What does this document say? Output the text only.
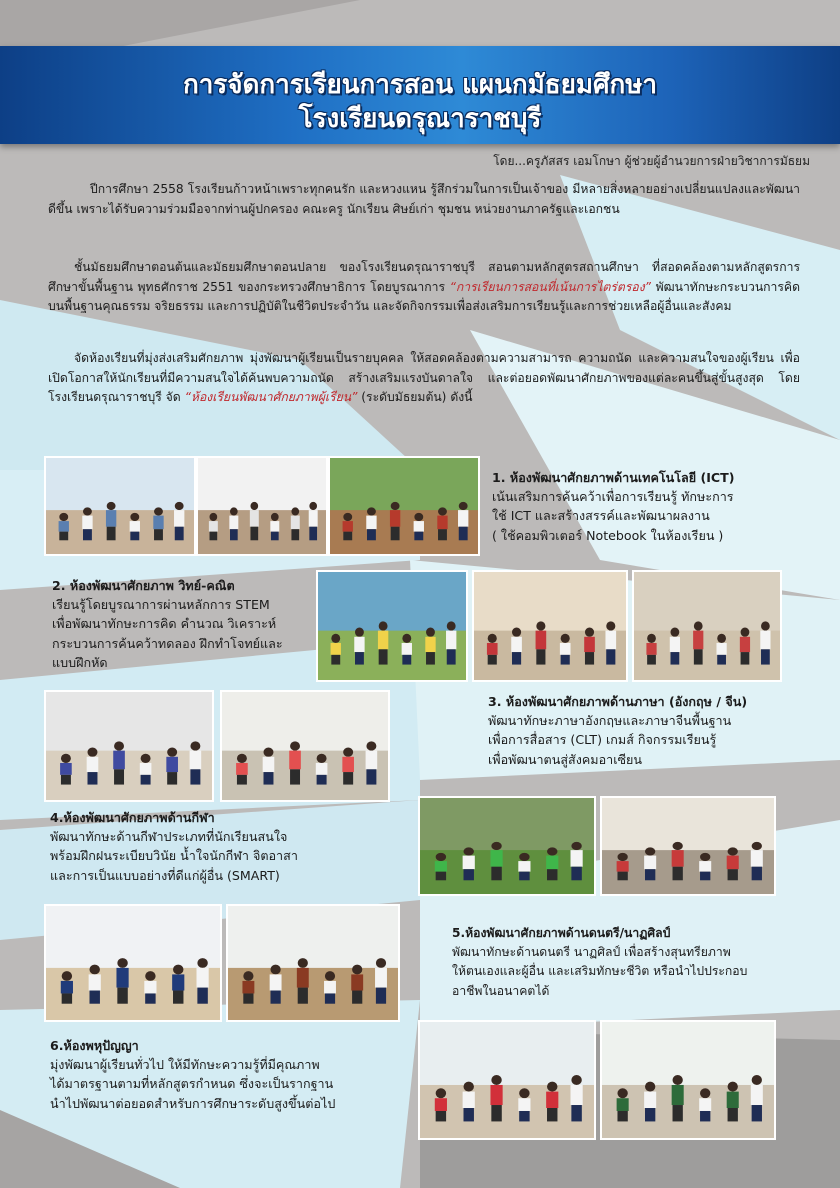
การจัดการเรียนการสอน แผนกมัธยมศึกษา
โรงเรียนดรุณาราชบุรี
โดย...ครูภัสสร เอมโกษา ผู้ช่วยผู้อำนวยการฝ่ายวิชาการมัธยม

ปีการศึกษา 2558 โรงเรียนก้าวหน้าเพราะทุกคนรัก และหวงแหน รู้สึกร่วมในการเป็นเจ้าของ มีหลายสิ่งหลายอย่างเปลี่ยนแปลงและพัฒนาดีขึ้น เพราะได้รับความร่วมมือจากท่านผู้ปกครอง คณะครู นักเรียน ศิษย์เก่า ชุมชน หน่วยงานภาครัฐและเอกชน

ชั้นมัธยมศึกษาตอนต้นและมัธยมศึกษาตอนปลาย ของโรงเรียนดรุณาราชบุรี สอนตามหลักสูตรสถานศึกษา ที่สอดคล้องตามหลักสูตรการศึกษาขั้นพื้นฐาน พุทธศักราช 2551 ของกระทรวงศึกษาธิการ โดยบูรณาการ “การเรียนการสอนที่เน้นการไตร่ตรอง” พัฒนาทักษะกระบวนการคิด บนพื้นฐานคุณธรรม จริยธรรม และการปฏิบัติในชีวิตประจำวัน และจัดกิจกรรมเพื่อส่งเสริมการเรียนรู้และการช่วยเหลือผู้อื่นและสังคม

จัดห้องเรียนที่มุ่งส่งเสริมศักยภาพ มุ่งพัฒนาผู้เรียนเป็นรายบุคคล ให้สอดคล้องตามความสามารถ ความถนัด และความสนใจของผู้เรียน เพื่อเปิดโอกาสให้นักเรียนที่มีความสนใจได้ค้นพบความถนัด สร้างเสริมแรงบันดาลใจ และต่อยอดพัฒนาศักยภาพของแต่ละคนขึ้นสู่ขั้นสูงสุด โดยโรงเรียนดรุณาราชบุรี จัด “ห้องเรียนพัฒนาศักยภาพผู้เรียน” (ระดับมัธยมต้น) ดังนี้

1. ห้องพัฒนาศักยภาพด้านเทคโนโลยี (ICT)
เน้นเสริมการค้นคว้าเพื่อการเรียนรู้ ทักษะการ
ใช้ ICT และสร้างสรรค์และพัฒนาผลงาน
( ใช้คอมพิวเตอร์ Notebook ในห้องเรียน )
2. ห้องพัฒนาศักยภาพ วิทย์-คณิต
เรียนรู้โดยบูรณาการผ่านหลักการ STEM
เพื่อพัฒนาทักษะการคิด คำนวณ วิเคราะห์
กระบวนการค้นคว้าทดลอง ฝึกทำโจทย์และ
แบบฝึกหัด
3. ห้องพัฒนาศักยภาพด้านภาษา (อังกฤษ / จีน)
พัฒนาทักษะภาษาอังกฤษและภาษาจีนพื้นฐาน
เพื่อการสื่อสาร (CLT) เกมส์ กิจกรรมเรียนรู้
เพื่อพัฒนาตนสู่สังคมอาเซียน
4.ห้องพัฒนาศักยภาพด้านกีฬา
พัฒนาทักษะด้านกีฬาประเภทที่นักเรียนสนใจ
พร้อมฝึกฝนระเบียบวินัย น้ำใจนักกีฬา จิตอาสา
และการเป็นแบบอย่างที่ดีแก่ผู้อื่น (SMART)
5.ห้องพัฒนาศักยภาพด้านดนตรี/นาฏศิลป์
พัฒนาทักษะด้านดนตรี นาฏศิลป์ เพื่อสร้างสุนทรียภาพ
ให้ตนเองและผู้อื่น และเสริมทักษะชีวิต หรือนำไปประกอบ
อาชีพในอนาคตได้
6.ห้องพหุปัญญา
มุ่งพัฒนาผู้เรียนทั่วไป ให้มีทักษะความรู้ที่มีคุณภาพ
ได้มาตรฐานตามที่หลักสูตรกำหนด ซึ่งจะเป็นรากฐาน
นำไปพัฒนาต่อยอดสำหรับการศึกษาระดับสูงขึ้นต่อไป
